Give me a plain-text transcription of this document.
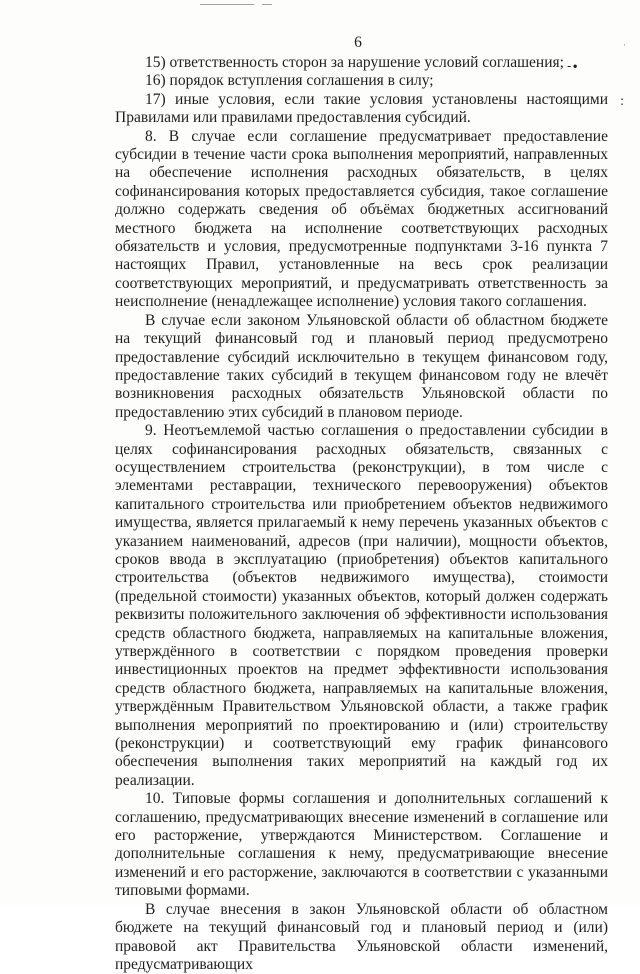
·
‑∙
:
6

15) ответственность сторон за нарушение условий соглашения;

16) порядок вступления соглашения в силу;

17) иные условия, если такие условия установлены настоящими Правилами или правилами предоставления субсидий.

8. В случае если соглашение предусматривает предоставление субсидии в течение части срока выполнения мероприятий, направленных на обеспечение исполнения расходных обязательств, в целях софинансирования которых предоставляется субсидия, такое соглашение должно содержать сведения об объёмах бюджетных ассигнований местного бюджета на исполнение соответствующих расходных обязательств и условия, предусмотренные подпунктами 3-16 пункта 7 настоящих Правил, установленные на весь срок реализации соответствующих мероприятий, и предусматривать ответственность за неисполнение (ненадлежащее исполнение) условия такого соглашения.

В случае если законом Ульяновской области об областном бюджете на текущий финансовый год и плановый период предусмотрено предоставление субсидий исключительно в текущем финансовом году, предоставление таких субсидий в текущем финансовом году не влечёт возникновения расходных обязательств Ульяновской области по предоставлению этих субсидий в плановом периоде.

9. Неотъемлемой частью соглашения о предоставлении субсидии в целях софинансирования расходных обязательств, связанных с осуществлением строительства (реконструкции), в том числе с элементами реставрации, технического перевооружения) объектов капитального строительства или приобретением объектов недвижимого имущества, является прилагаемый к нему перечень указанных объектов с указанием наименований, адресов (при наличии), мощности объектов, сроков ввода в эксплуатацию (приобретения) объектов капитального строительства (объектов недвижимого имущества), стоимости (предельной стоимости) указанных объектов, который должен содержать реквизиты положительного заключения об эффективности использования средств областного бюджета, направляемых на капитальные вложения, утверждённого в соответствии с порядком проведения проверки инвестиционных проектов на предмет эффективности использования средств областного бюджета, направляемых на капитальные вложения, утверждённым Правительством Ульяновской области, а также график выполнения мероприятий по проектированию и (или) строительству (реконструкции) и соответствующий ему график финансового обеспечения выполнения таких мероприятий на каждый год их реализации.

10. Типовые формы соглашения и дополнительных соглашений к соглашению, предусматривающих внесение изменений в соглашение или его расторжение, утверждаются Министерством. Соглашение и дополнительные соглашения к нему, предусматривающие внесение изменений и его расторжение, заключаются в соответствии с указанными типовыми формами.

В случае внесения в закон Ульяновской области об областном бюджете на текущий финансовый год и плановый период и (или) правовой акт Правительства Ульяновской области изменений, предусматривающих
